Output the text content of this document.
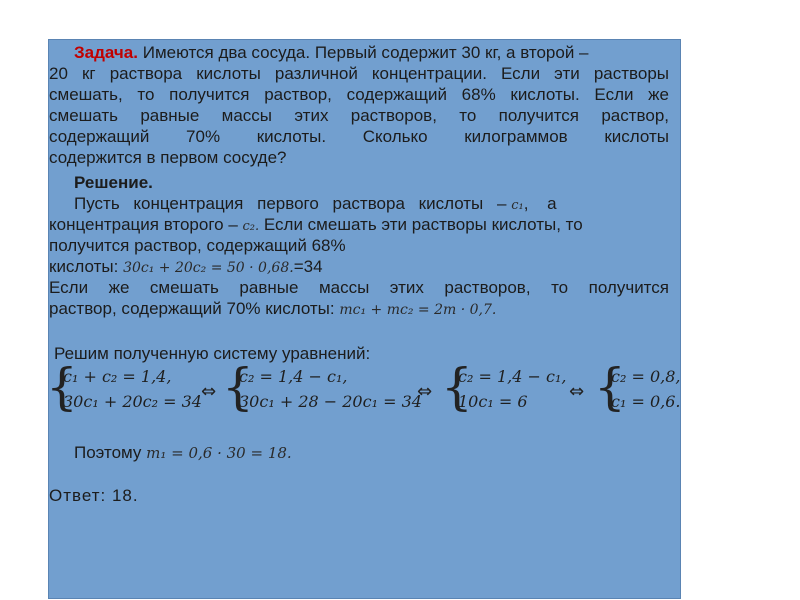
Задача. Имеются два сосуда. Первый содержит 30 кг, а второй –
20 кг раствора кислоты различной концентрации. Если эти растворы
смешать, то получится раствор, содержащий 68% кислоты. Если же
смешать равные массы этих растворов, то получится раствор,
содержащий 70% кислоты. Сколько килограммов кислоты
содержится в первом сосуде?
Решение.
Пусть концентрация первого раствора кислоты – c₁, а
концентрация второго – c₂. Если смешать эти растворы кислоты, то
получится раствор, содержащий 68%
кислоты: 30c₁ + 20c₂ = 50 · 0,68.=34
Если же смешать равные массы этих растворов, то получится
раствор, содержащий 70% кислоты: mc₁ + mc₂ = 2m · 0,7.
Решим полученную систему уравнений:
{
c₁ + c₂ = 1,4,
30c₁ + 20c₂ = 34 ⇔ {
c₂ = 1,4 − c₁,
30c₁ + 28 − 20c₁ = 34
⇔ {
c₂ = 1,4 − c₁,
10c₁ = 6 ⇔ {
c₂ = 0,8,
c₁ = 0,6.
Поэтому m₁ = 0,6 · 30 = 18.
Ответ: 18.
